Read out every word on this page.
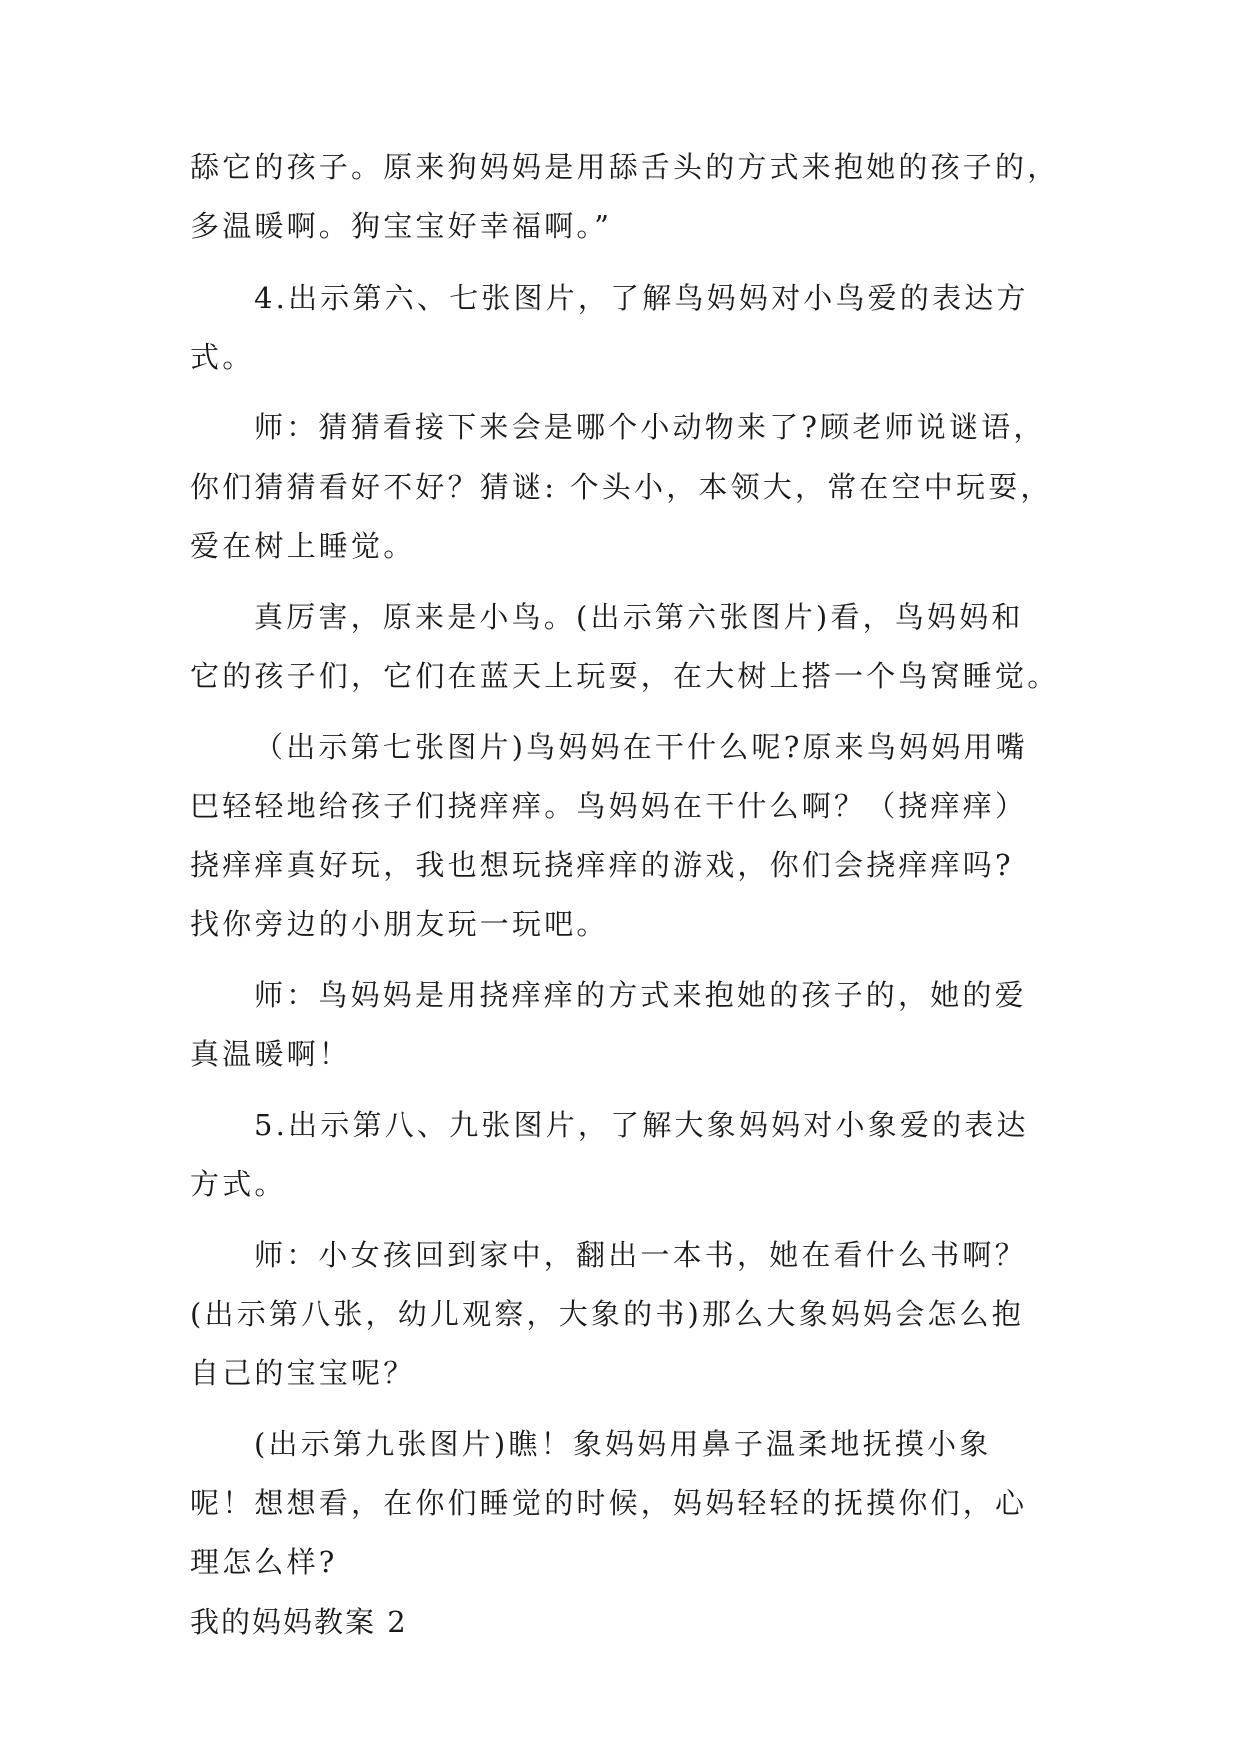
舔它的孩子。原来狗妈妈是用舔舌头的方式来抱她的孩子的，
多温暖啊。狗宝宝好幸福啊。”
4.出示第六、七张图片，了解鸟妈妈对小鸟爱的表达方
式。
师：猜猜看接下来会是哪个小动物来了?顾老师说谜语，
你们猜猜看好不好？猜谜: 个头小，本领大，常在空中玩耍，
爱在树上睡觉。
真厉害，原来是小鸟。(出示第六张图片)看，鸟妈妈和
它的孩子们，它们在蓝天上玩耍，在大树上搭一个鸟窝睡觉。
（出示第七张图片)鸟妈妈在干什么呢?原来鸟妈妈用嘴
巴轻轻地给孩子们挠痒痒。鸟妈妈在干什么啊？（挠痒痒）
挠痒痒真好玩，我也想玩挠痒痒的游戏，你们会挠痒痒吗?
找你旁边的小朋友玩一玩吧。
师：鸟妈妈是用挠痒痒的方式来抱她的孩子的，她的爱
真温暖啊！
5.出示第八、九张图片，了解大象妈妈对小象爱的表达
方式。
师：小女孩回到家中，翻出一本书，她在看什么书啊？
(出示第八张，幼儿观察，大象的书)那么大象妈妈会怎么抱
自己的宝宝呢？
(出示第九张图片)瞧！象妈妈用鼻子温柔地抚摸小象
呢！想想看，在你们睡觉的时候，妈妈轻轻的抚摸你们，心
理怎么样?
我的妈妈教案 2
